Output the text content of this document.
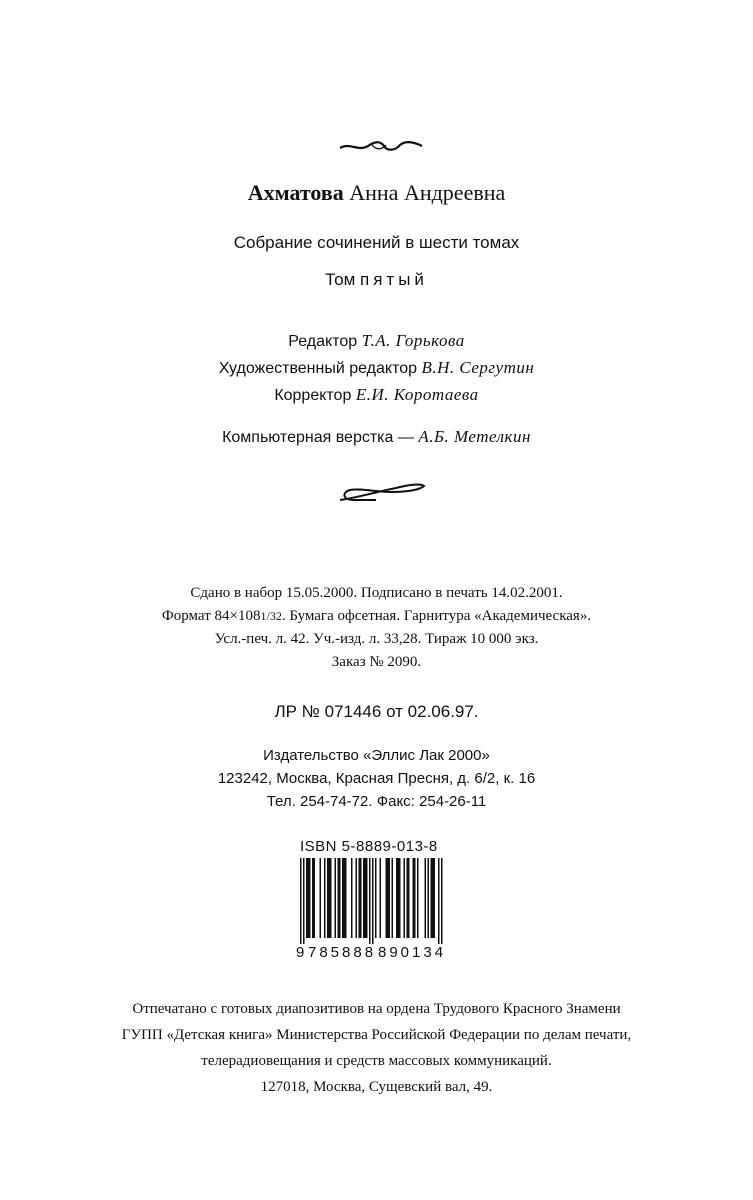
Ахматова Анна Андреевна
Собрание сочинений в шести томах
Том пятый
Редактор Т.А. Горькова
Художественный редактор В.Н. Сергутин
Корректор Е.И. Коротаева
Компьютерная верстка — А.Б. Метелкин
Сдано в набор 15.05.2000. Подписано в печать 14.02.2001.
Формат 84×1081/32. Бумага офсетная. Гарнитура «Академическая».
Усл.-печ. л. 42. Уч.-изд. л. 33,28. Тираж 10 000 экз.
Заказ № 2090.
ЛР № 071446 от 02.06.97.
Издательство «Эллис Лак 2000»
123242, Москва, Красная Пресня, д. 6/2, к. 16
Тел. 254-74-72. Факс: 254-26-11
ISBN 5-8889-013-8
9 785888 890134
Отпечатано с готовых диапозитивов на ордена Трудового Красного Знамени
ГУПП «Детская книга» Министерства Российской Федерации по делам печати,
телерадиовещания и средств массовых коммуникаций.
127018, Москва, Сущевский вал, 49.
